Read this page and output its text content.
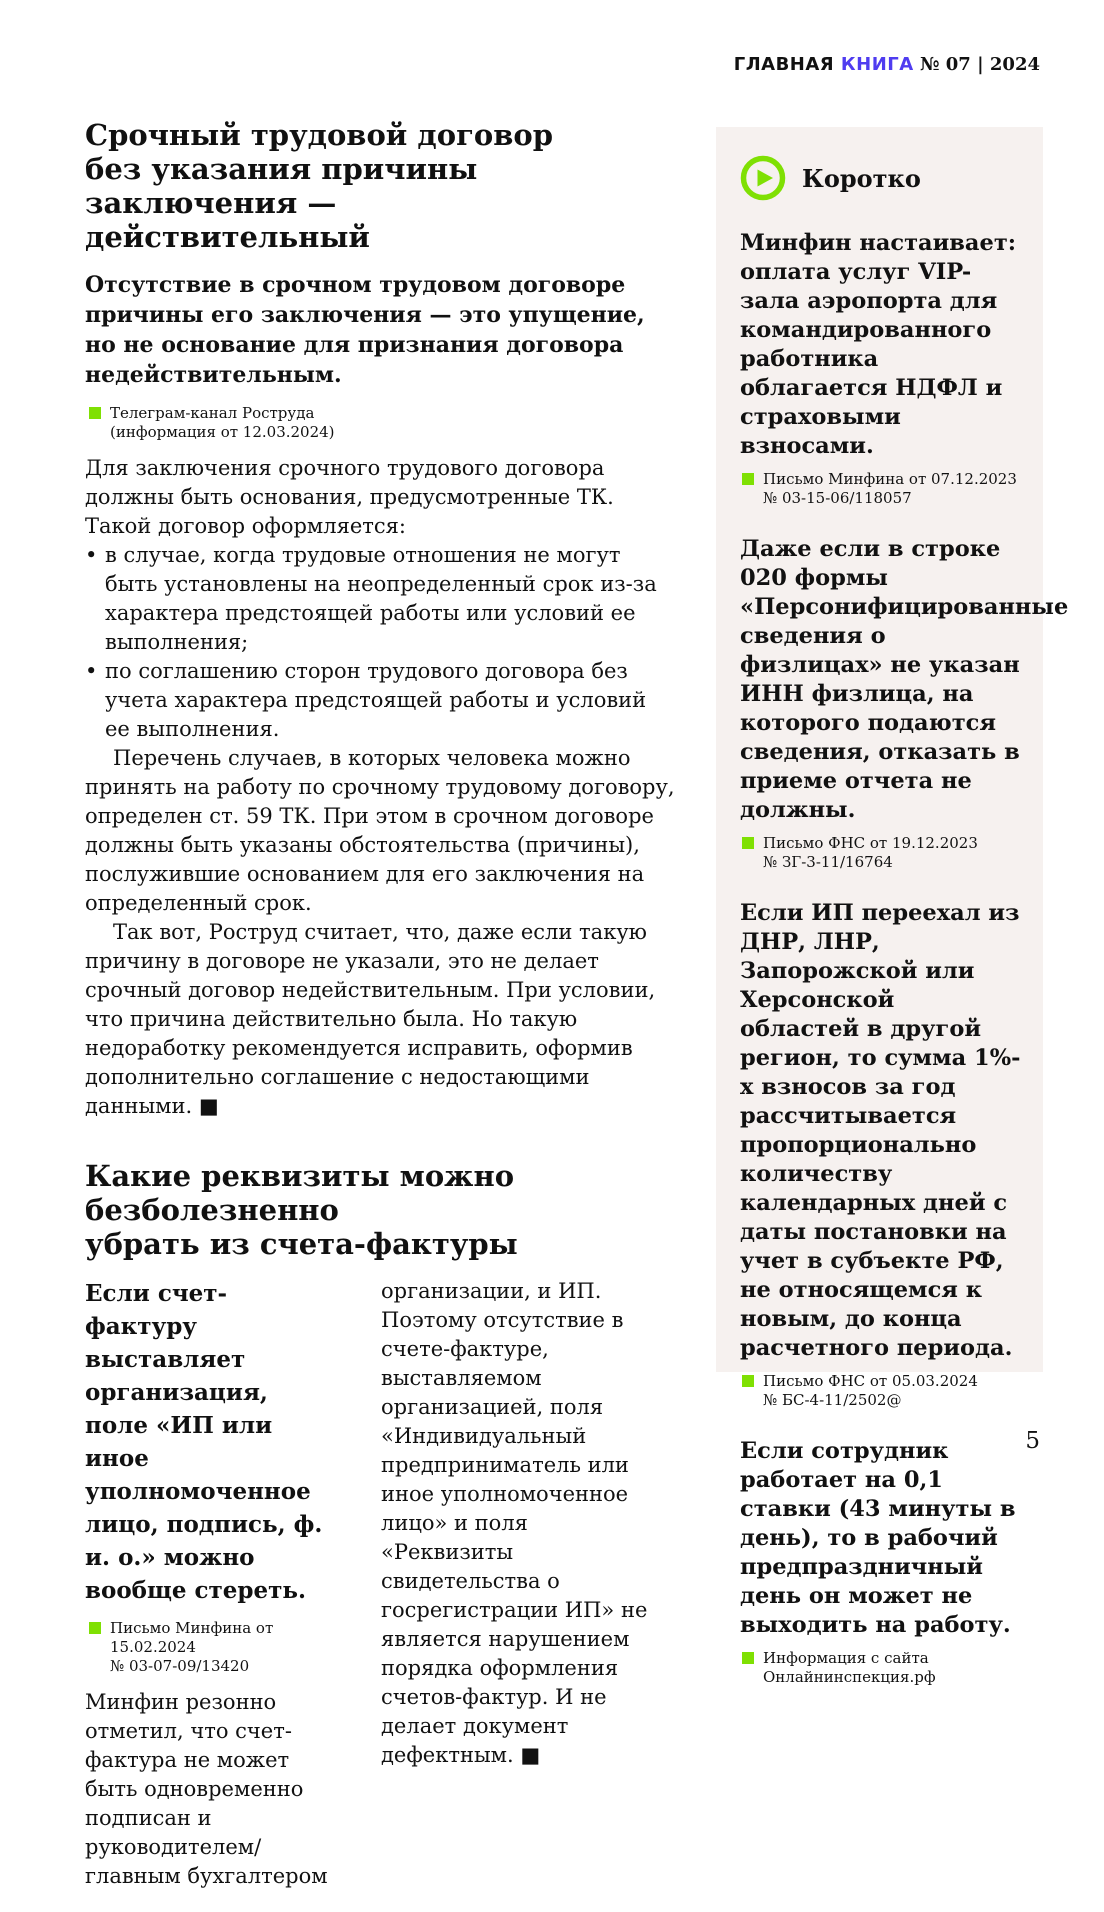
ГЛАВНАЯ КНИГА № 07 | 2024
Срочный трудовой договор
без указания причины заключения —
действительный

Отсутствие в срочном трудовом договоре причины его заключения — это упущение, но не основание для признания договора недействительным.

Телеграм-канал Роструда
(информация от 12.03.2024)

Для заключения срочного трудового договора должны быть основания, предусмотренные ТК. Такой договор оформляется:

• в случае, когда трудовые отношения не могут быть установлены на неопределенный срок из-за характера предстоящей работы или условий ее выполнения;
• по соглашению сторон трудового договора без учета характера предстоящей работы и условий ее выполнения.

Перечень случаев, в которых человека можно принять на работу по срочному трудовому договору, определен ст. 59 ТК. При этом в срочном договоре должны быть указаны обстоятельства (причины), послужившие основанием для его заключения на определенный срок.

Так вот, Роструд считает, что, даже если такую причину в договоре не указали, это не делает срочный договор недействительным. При условии, что причина действительно была. Но такую недоработку рекомендуется исправить, оформив дополнительно соглашение с недостающими данными. ■

Какие реквизиты можно безболезненно
убрать из счета-фактуры

Если счет-фактуру выставляет организация, поле «ИП или иное уполномоченное лицо, подпись, ф. и. о.» можно вообще стереть.

Письмо Минфина от 15.02.2024
№ 03-07-09/13420

Минфин резонно отметил, что счет-фактура не может быть одновременно подписан и руководителем/главным бухгалтером

организации, и ИП. Поэтому отсутствие в счете-фактуре, выставляемом организацией, поля «Индивидуальный предприниматель или иное уполномоченное лицо» и поля «Реквизиты свидетельства о госрегистрации ИП» не является нарушением порядка оформления счетов-фактур. И не делает документ дефектным. ■

Коротко

Минфин настаивает: оплата услуг VIP-зала аэропорта для командированного работника облагается НДФЛ и страховыми взносами.

Письмо Минфина от 07.12.2023
№ 03-15-06/118057

Даже если в строке 020 формы «Персонифицированные сведения о физлицах» не указан ИНН физлица, на которого подаются сведения, отказать в приеме отчета не должны.

Письмо ФНС от 19.12.2023
№ ЗГ-3-11/16764

Если ИП переехал из ДНР, ЛНР, Запорожской или Херсонской областей в другой регион, то сумма 1%-х взносов за год рассчитывается пропорционально количеству календарных дней с даты постановки на учет в субъекте РФ, не относящемся к новым, до конца расчетного периода.

Письмо ФНС от 05.03.2024
№ БС-4-11/2502@

Если сотрудник работает на 0,1 ставки (43 минуты в день), то в рабочий предпраздничный день он может не выходить на работу.

Информация с сайта
Онлайнинспекция.рф
5
